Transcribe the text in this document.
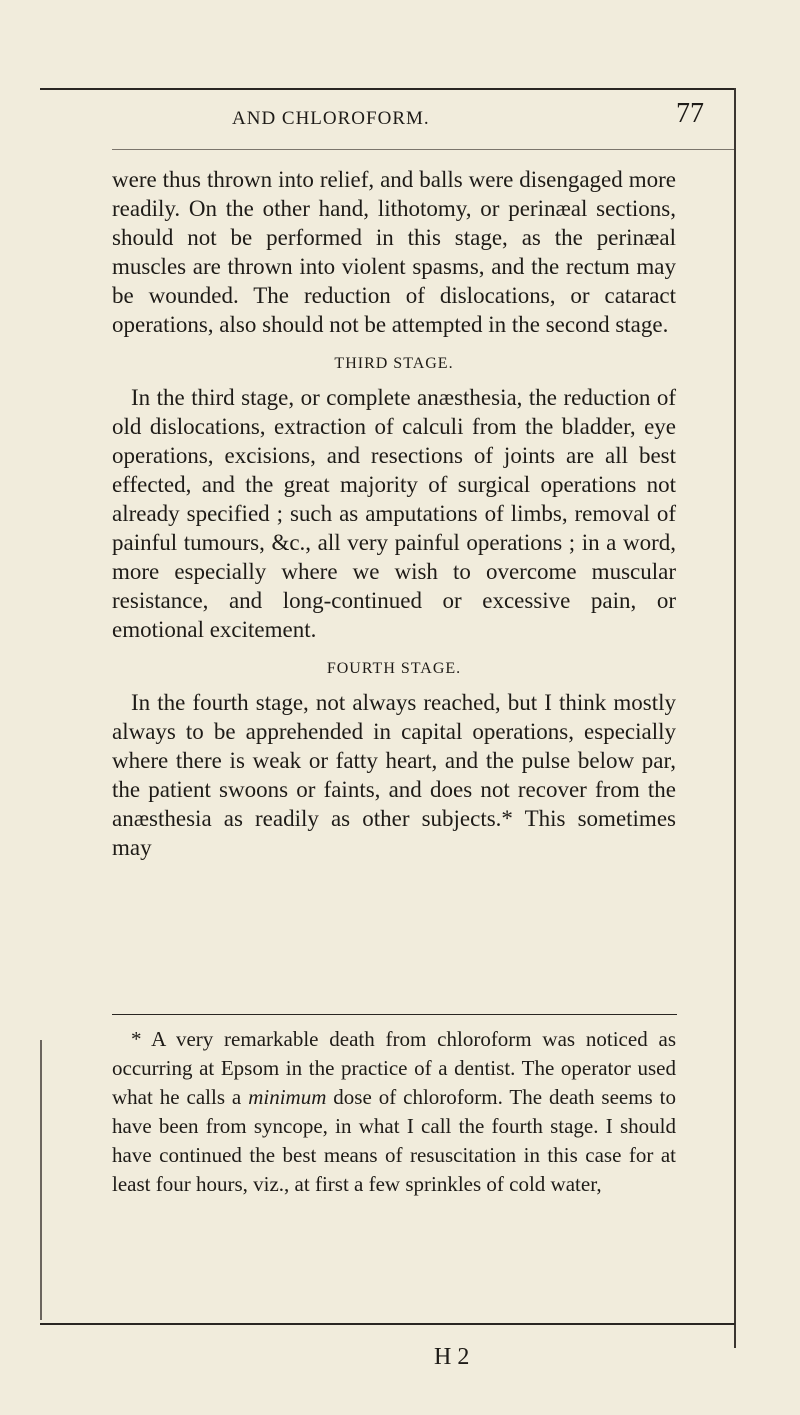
AND CHLOROFORM.	77

were thus thrown into relief, and balls were disengaged more readily. On the other hand, lithotomy, or perinæal sections, should not be performed in this stage, as the perinæal muscles are thrown into violent spasms, and the rectum may be wounded. The reduction of dislocations, or cataract operations, also should not be attempted in the second stage.

THIRD STAGE.

In the third stage, or complete anæsthesia, the reduction of old dislocations, extraction of calculi from the bladder, eye operations, excisions, and resections of joints are all best effected, and the great majority of surgical operations not already specified ; such as amputations of limbs, removal of painful tumours, &c., all very painful operations ; in a word, more especially where we wish to overcome muscular resistance, and long-continued or excessive pain, or emotional excitement.

FOURTH STAGE.

In the fourth stage, not always reached, but I think mostly always to be apprehended in capital operations, especially where there is weak or fatty heart, and the pulse below par, the patient swoons or faints, and does not recover from the anæsthesia as readily as other subjects.* This sometimes may

* A very remarkable death from chloroform was noticed as occurring at Epsom in the practice of a dentist. The operator used what he calls a minimum dose of chloroform. The death seems to have been from syncope, in what I call the fourth stage. I should have continued the best means of resuscitation in this case for at least four hours, viz., at first a few sprinkles of cold water,

H 2
